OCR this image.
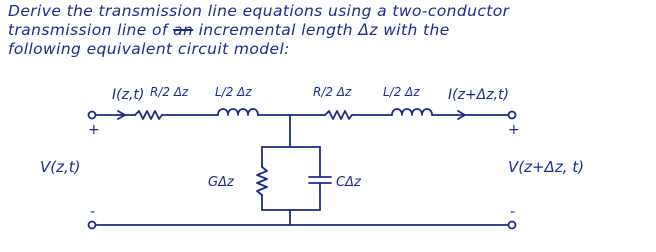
Derive the transmission line equations using a two-conductor
transmission line of an incremental length Δz with the
following equivalent circuit model:
I(z,t) R/2 Δz L/2 Δz	R/2 Δz	L/2 Δz I(z+Δz,t)
+	+
-	-
V(z,t)	V(z+Δz, t)
GΔz	CΔz
